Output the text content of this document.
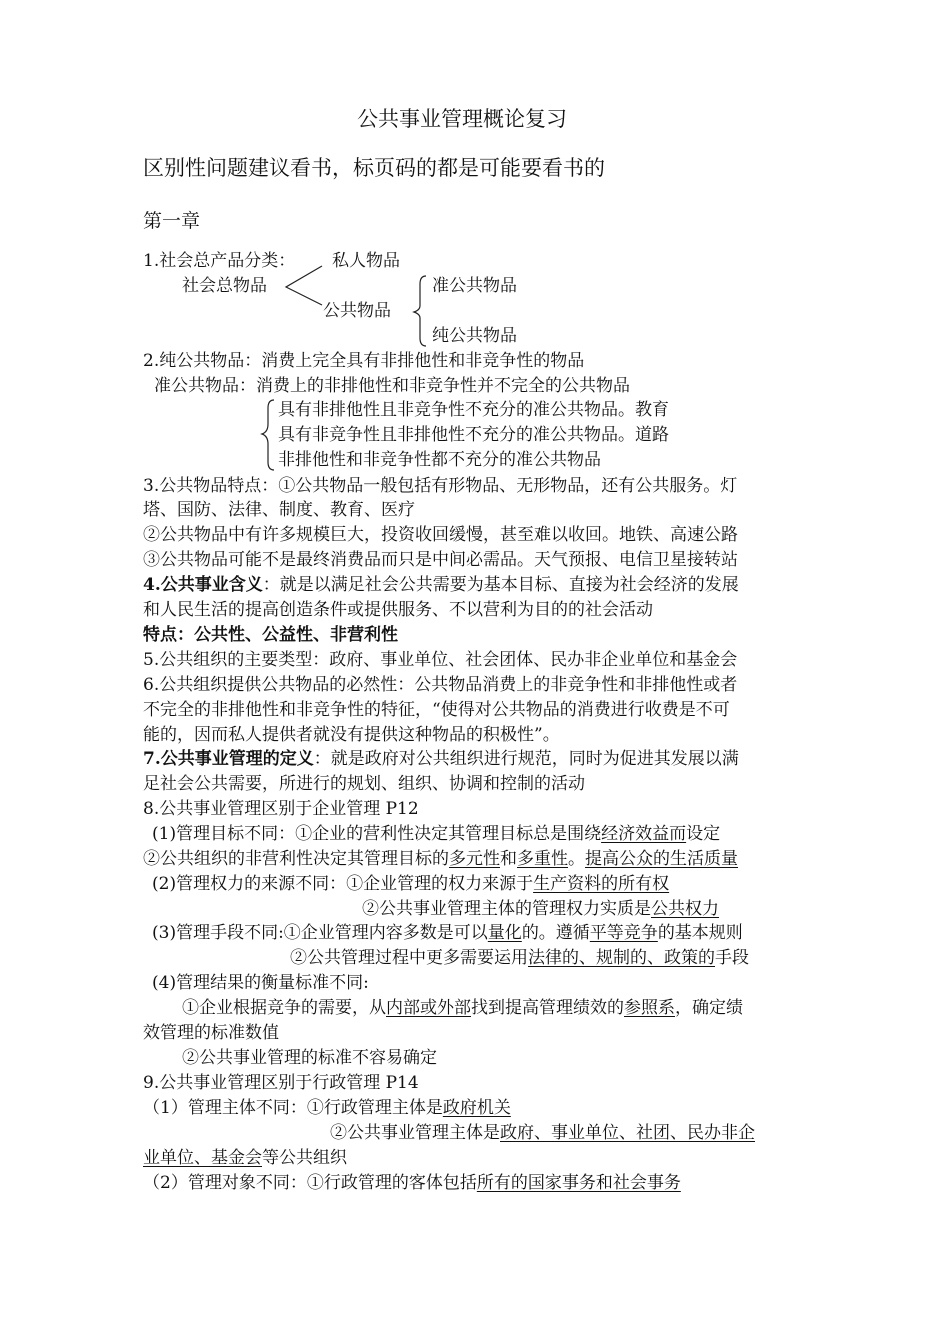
公共事业管理概论复习
区别性问题建议看书，标页码的都是可能要看书的
第一章
1.社会总产品分类： 私人物品
社会总物品
公共物品
准公共物品
纯公共物品
2.纯公共物品：消费上完全具有非排他性和非竞争性的物品
准公共物品：消费上的非排他性和非竞争性并不完全的公共物品
具有非排他性且非竞争性不充分的准公共物品。教育
具有非竞争性且非排他性不充分的准公共物品。道路
非排他性和非竞争性都不充分的准公共物品
3.公共物品特点：①公共物品一般包括有形物品、无形物品，还有公共服务。灯
塔、国防、法律、制度、教育、医疗
②公共物品中有许多规模巨大，投资收回缓慢，甚至难以收回。地铁、高速公路
③公共物品可能不是最终消费品而只是中间必需品。天气预报、电信卫星接转站
4.公共事业含义：就是以满足社会公共需要为基本目标、直接为社会经济的发展
和人民生活的提高创造条件或提供服务、不以营利为目的的社会活动
特点：公共性、公益性、非营利性
5.公共组织的主要类型：政府、事业单位、社会团体、民办非企业单位和基金会
6.公共组织提供公共物品的必然性：公共物品消费上的非竞争性和非排他性或者
不完全的非排他性和非竞争性的特征，“使得对公共物品的消费进行收费是不可
能的，因而私人提供者就没有提供这种物品的积极性”。
7.公共事业管理的定义：就是政府对公共组织进行规范，同时为促进其发展以满
足社会公共需要，所进行的规划、组织、协调和控制的活动
8.公共事业管理区别于企业管理 P12
(1)管理目标不同：①企业的营利性决定其管理目标总是围绕经济效益而设定
②公共组织的非营利性决定其管理目标的多元性和多重性。提高公众的生活质量
(2)管理权力的来源不同：①企业管理的权力来源于生产资料的所有权
②公共事业管理主体的管理权力实质是公共权力
(3)管理手段不同:①企业管理内容多数是可以量化的。遵循平等竞争的基本规则
②公共管理过程中更多需要运用法律的、规制的、政策的手段
(4)管理结果的衡量标准不同:
①企业根据竞争的需要，从内部或外部找到提高管理绩效的参照系，确定绩
效管理的标准数值
②公共事业管理的标准不容易确定
9.公共事业管理区别于行政管理 P14
（1）管理主体不同：①行政管理主体是政府机关
②公共事业管理主体是政府、事业单位、社团、民办非企
业单位、基金会等公共组织
（2）管理对象不同：①行政管理的客体包括所有的国家事务和社会事务
